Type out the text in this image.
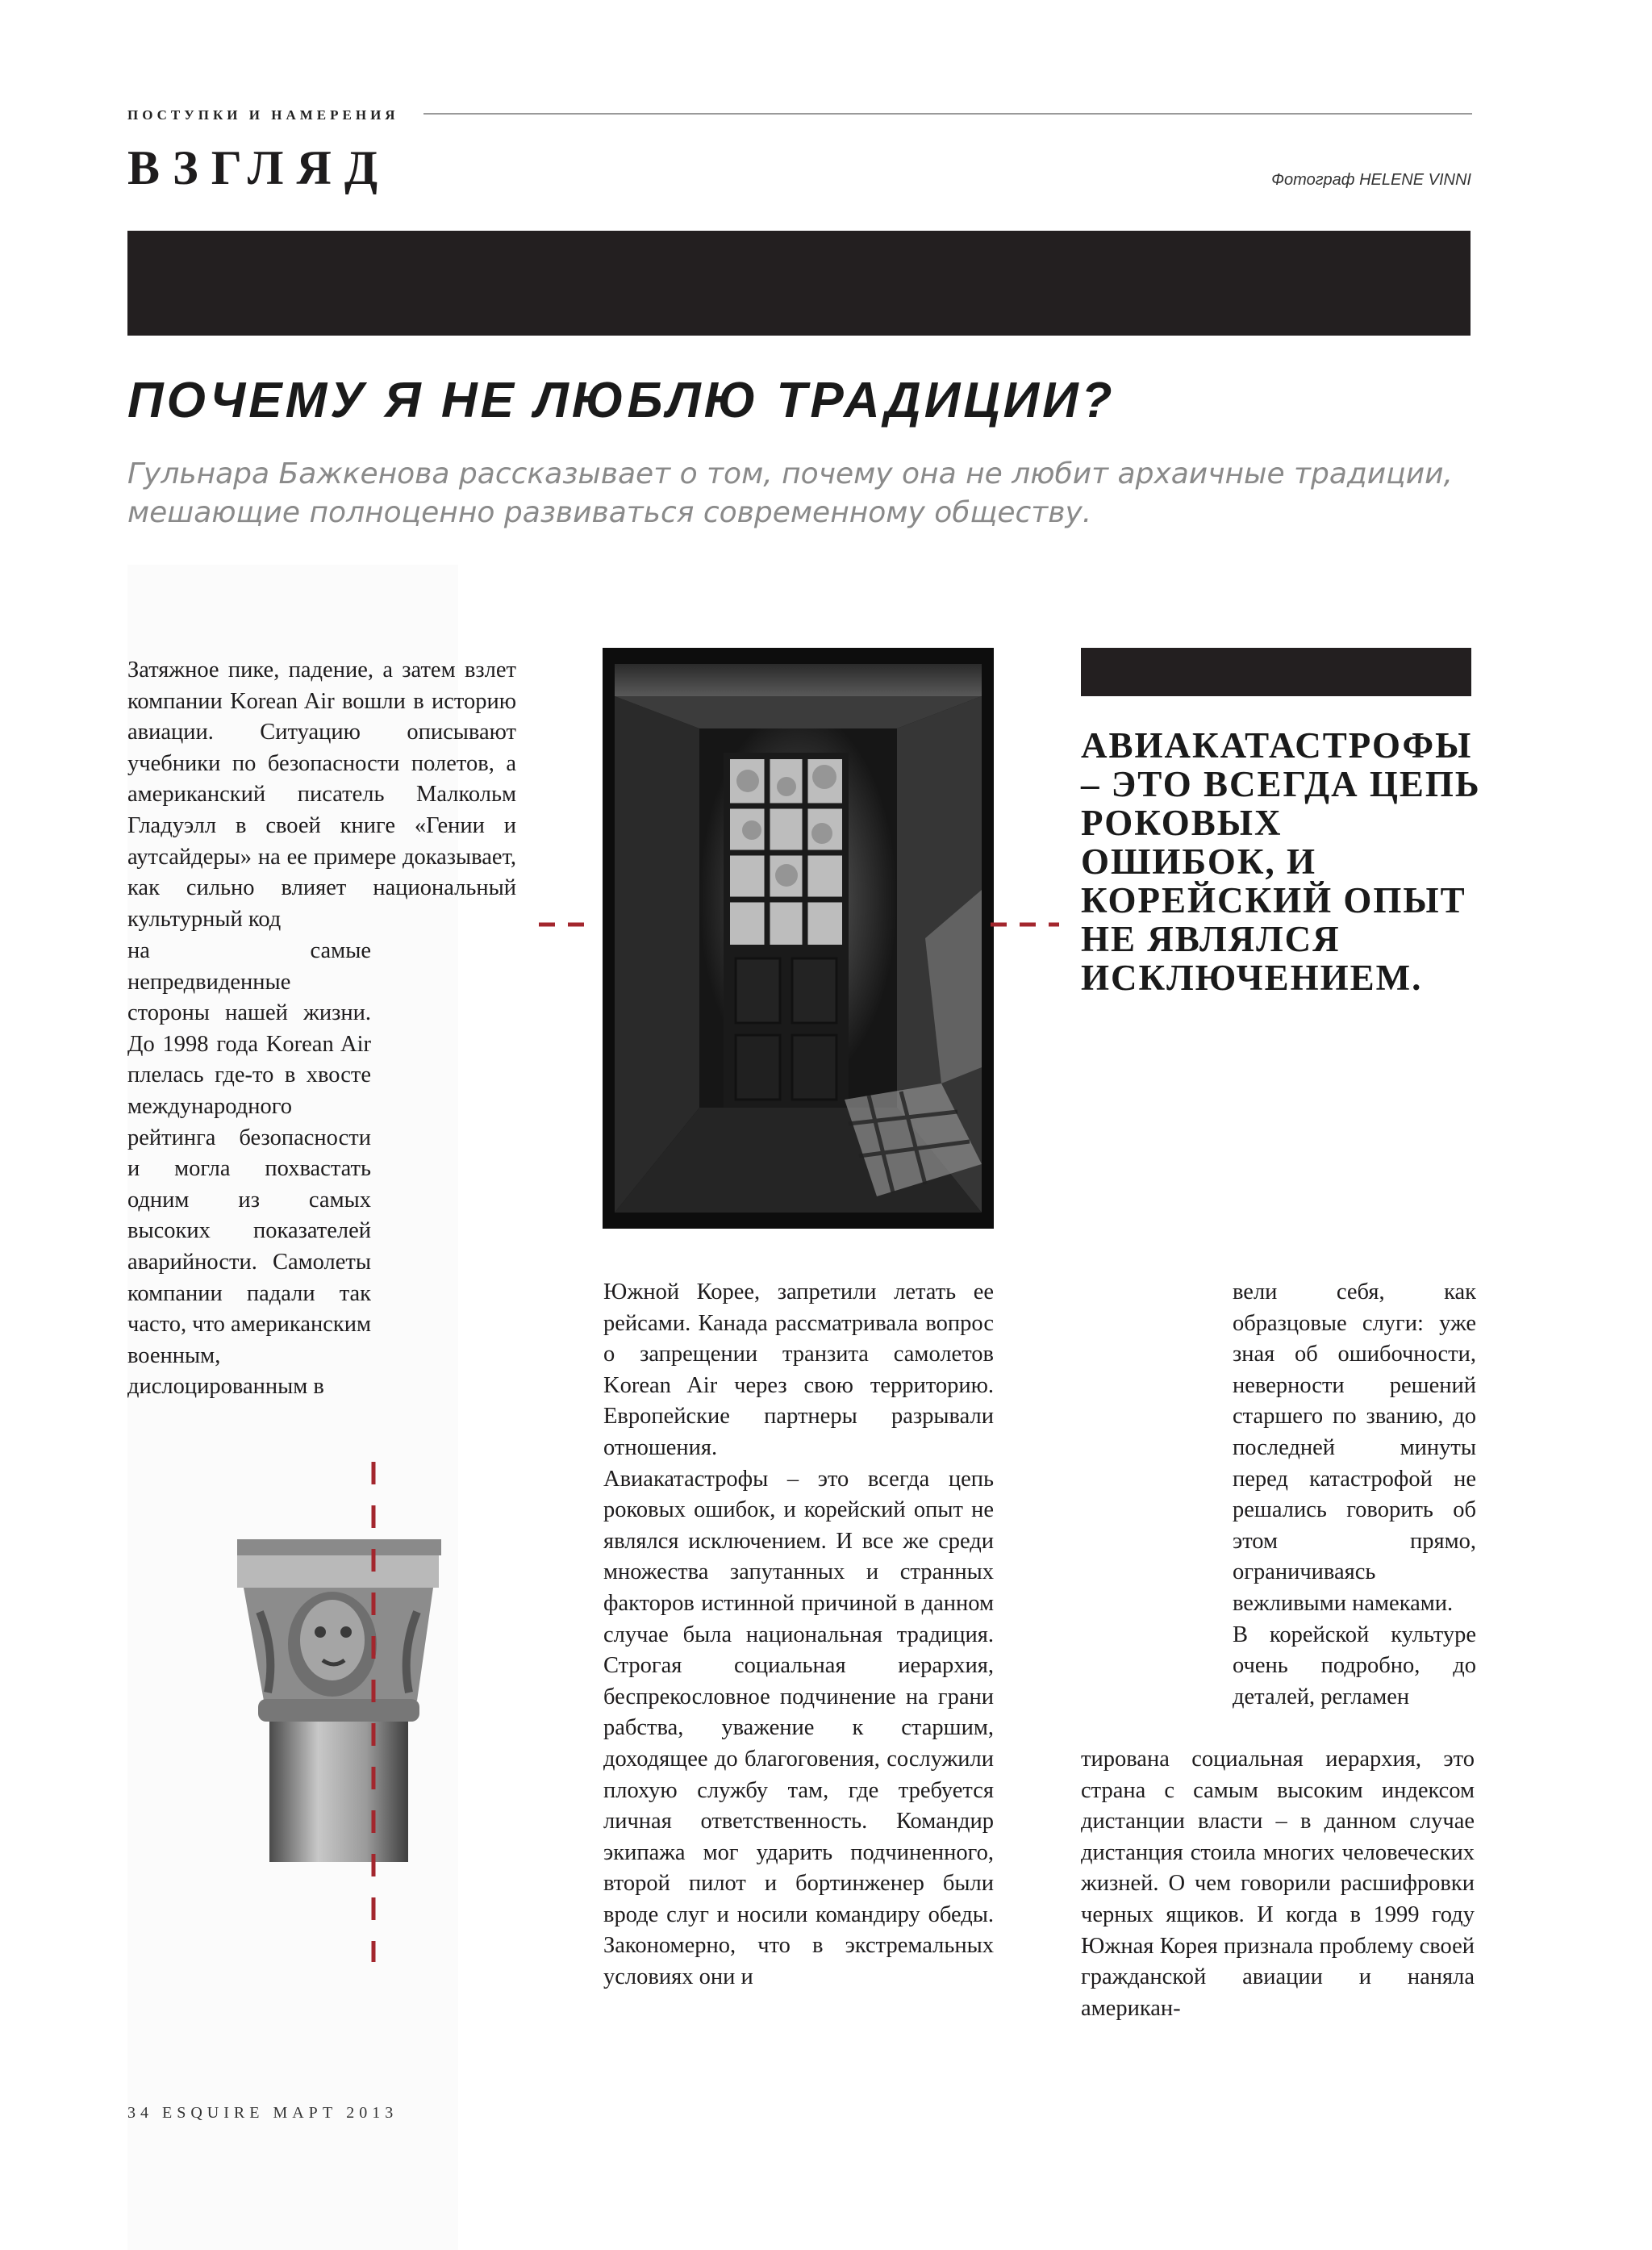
ПОСТУПКИ И НАМЕРЕНИЯ
ВЗГЛЯД	Фотограф HELENE VINNI
ПОЧЕМУ Я НЕ ЛЮБЛЮ ТРАДИЦИИ?
Гульнара Бажкенова рассказывает о том, почему она не любит архаичные традиции, мешающие полноценно развиваться современному обществу.
Затяжное пике, падение, а затем взлет компании Korean Air вошли в историю авиации. Ситуацию описывают учебники по безопасности полетов, а американский писатель Малкольм Гладуэлл в своей книге «Гении и аутсайдеры» на ее примере доказывает, как сильно влияет национальный культурный код
на самые непредвиденные стороны нашей жизни. До 1998 года Korean Air плелась где-то в хвосте международного рейтинга безопасности и могла похвастать одним из самых высоких показателей аварийности. Самолеты компании падали так часто, что американским военным, дислоцированным в
АВИАКАТАСТРОФЫ – ЭТО ВСЕГДА ЦЕПЬ РОКОВЫХ ОШИБОК, И КОРЕЙСКИЙ ОПЫТ НЕ ЯВЛЯЛСЯ ИСКЛЮЧЕНИЕМ.
Южной Корее, запретили летать ее рейсами. Канада рассматривала вопрос о запрещении транзита самолетов Korean Air через свою территорию. Европейские партнеры разрывали отношения.
Авиакатастрофы – это всегда цепь роковых ошибок, и корейский опыт не являлся исключением. И все же среди множества запутанных и странных факторов истинной причиной в данном случае была национальная традиция. Строгая социальная иерархия, беспрекословное подчинение на грани рабства, уважение к старшим, доходящее до благоговения, сослужили плохую службу там, где требуется личная ответственность. Командир экипажа мог ударить подчиненного, второй пилот и бортинженер были вроде слуг и носили командиру обеды. Закономерно, что в экстремальных условиях они и
вели себя, как образцовые слуги: уже зная об ошибочности, неверности решений старшего по званию, до последней минуты перед катастрофой не решались говорить об этом прямо, ограничиваясь вежливыми намеками.
В корейской культуре очень подробно, до деталей, регламен
тирована социальная иерархия, это страна с самым высоким индексом дистанции власти – в данном случае дистанция стоила многих человеческих жизней. О чем говорили расшифровки черных ящиков. И когда в 1999 году Южная Корея признала проблему своей гражданской авиации и наняла американ-
34 ESQUIRE МАРТ 2013
